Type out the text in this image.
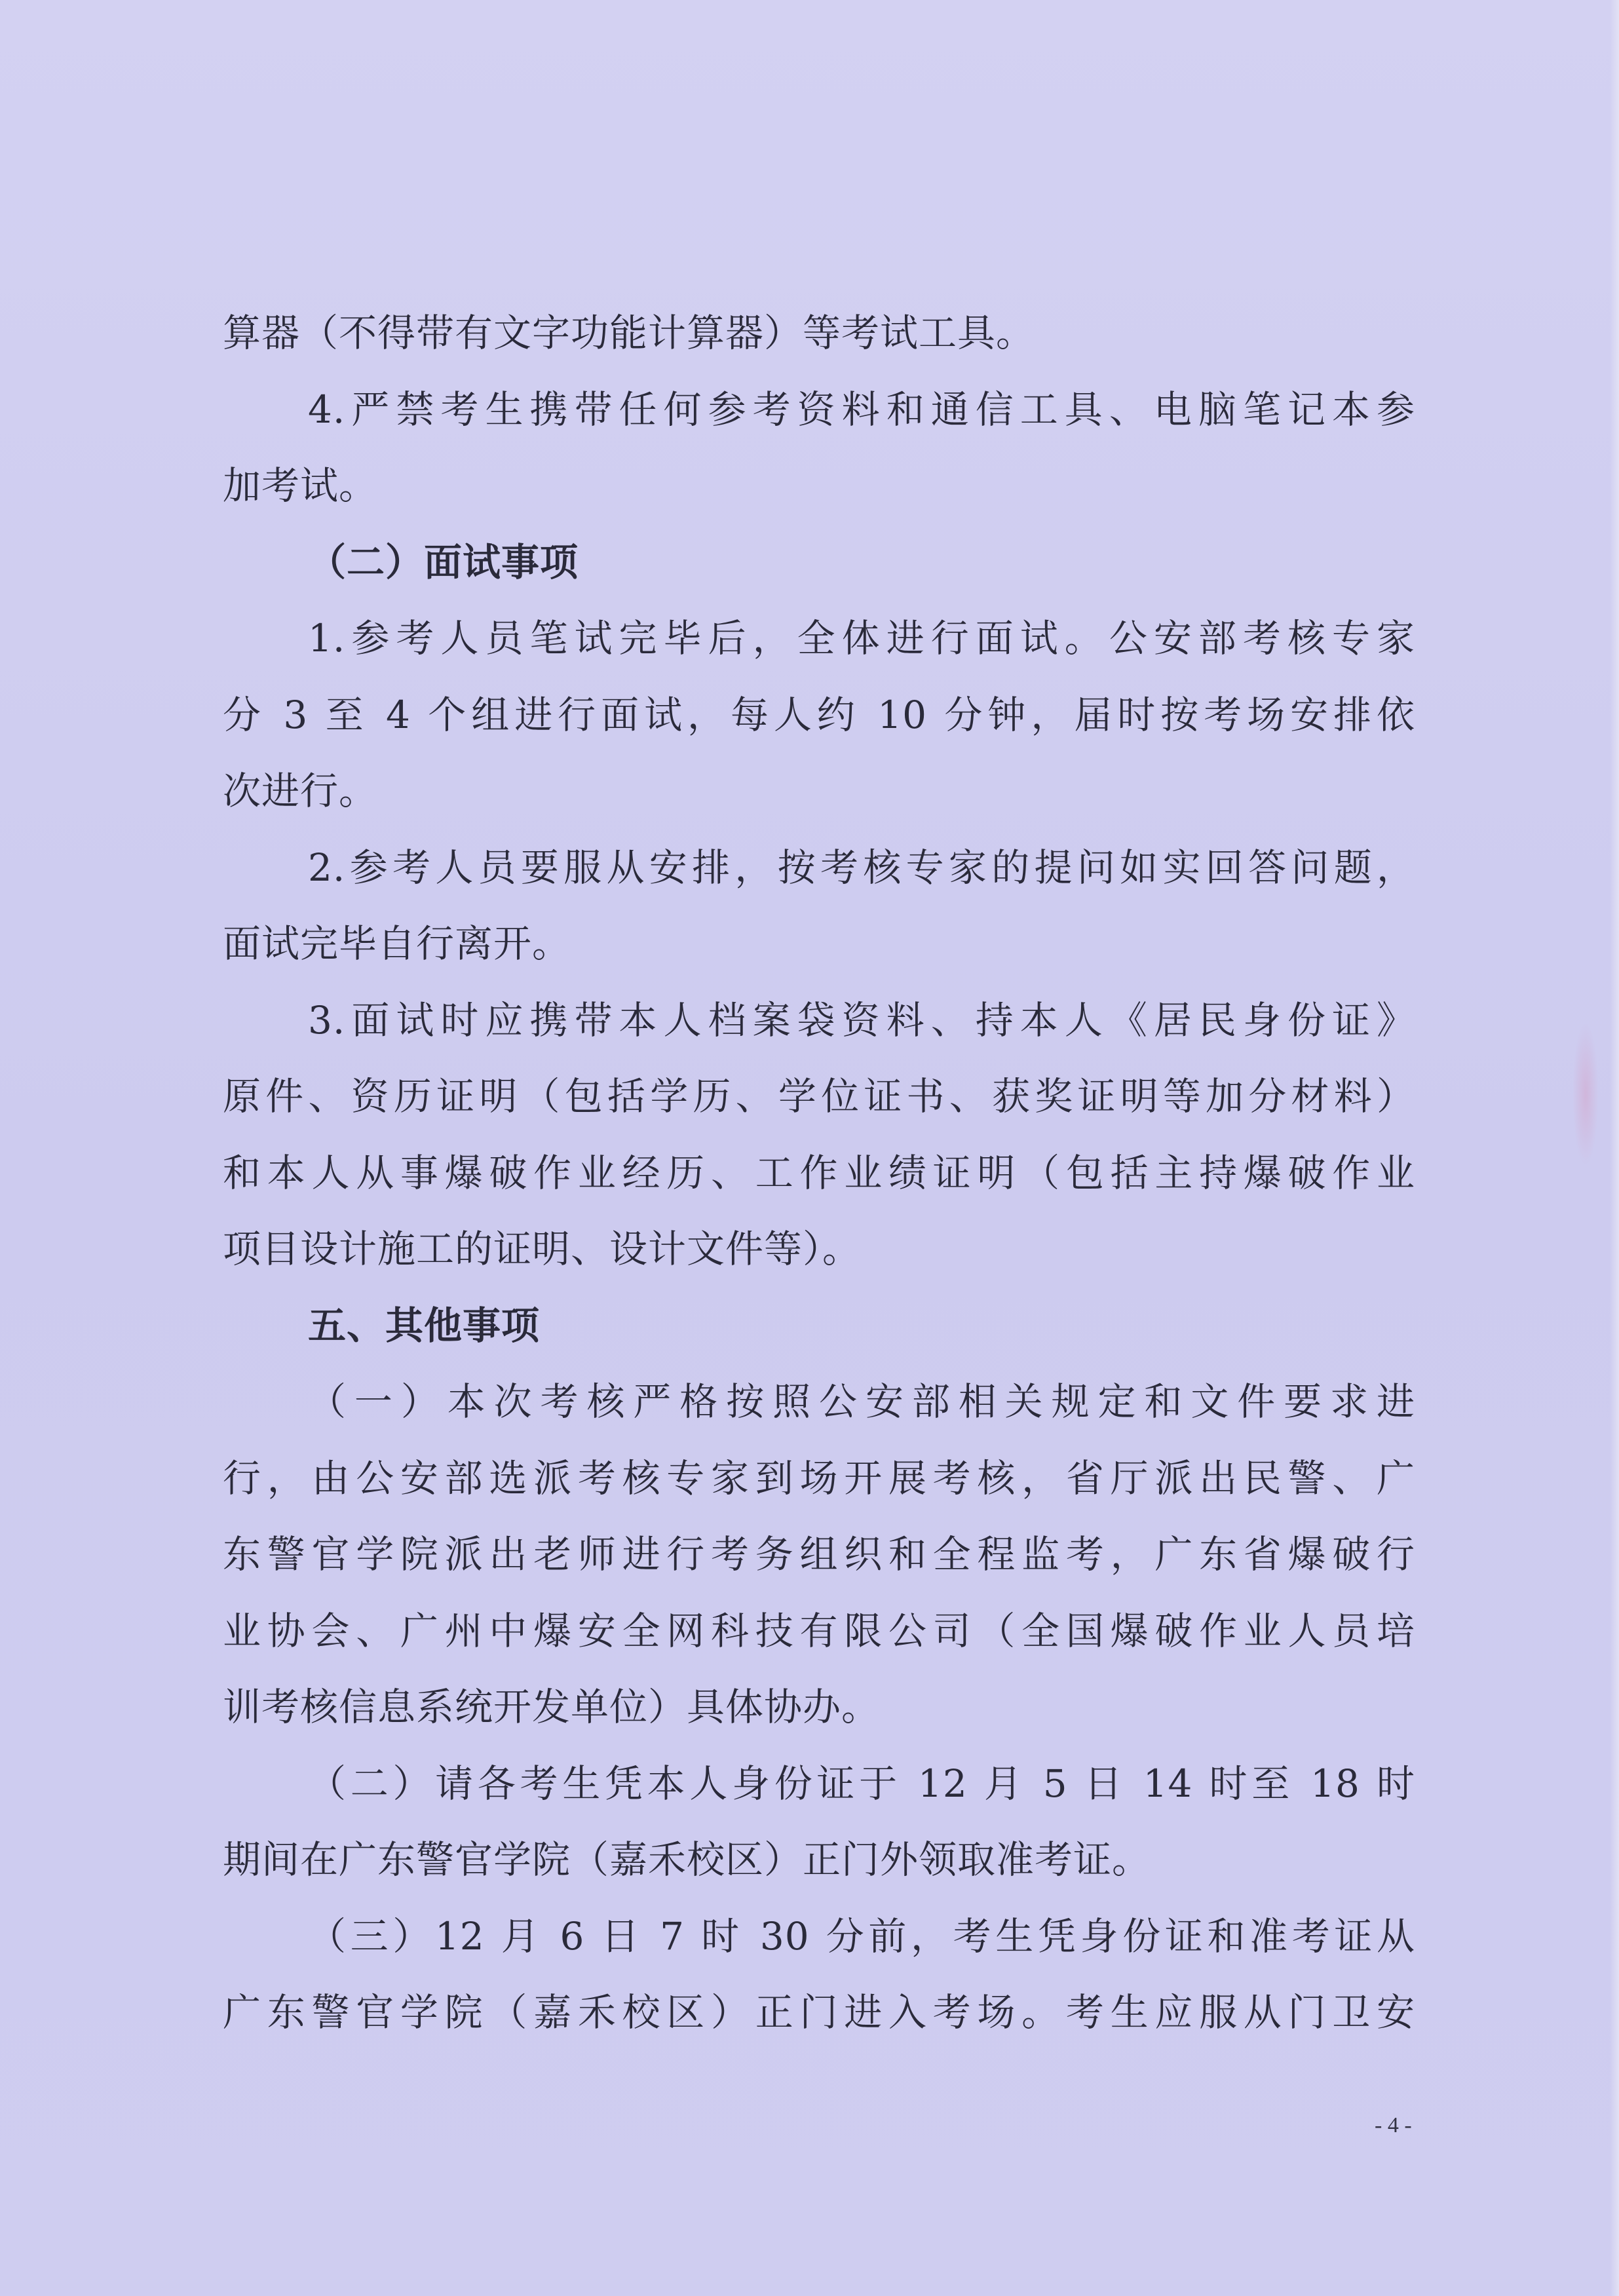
算器（不得带有文字功能计算器）等考试工具。
4.严禁考生携带任何参考资料和通信工具、电脑笔记本参
加考试。
（二）面试事项
1.参考人员笔试完毕后，全体进行面试。公安部考核专家
分 3 至 4 个组进行面试，每人约 10 分钟，届时按考场安排依
次进行。
2.参考人员要服从安排，按考核专家的提问如实回答问题，
面试完毕自行离开。
3.面试时应携带本人档案袋资料、持本人《居民身份证》
原件、资历证明（包括学历、学位证书、获奖证明等加分材料）
和本人从事爆破作业经历、工作业绩证明（包括主持爆破作业
项目设计施工的证明、设计文件等）。
五、其他事项
（一）本次考核严格按照公安部相关规定和文件要求进
行，由公安部选派考核专家到场开展考核，省厅派出民警、广
东警官学院派出老师进行考务组织和全程监考，广东省爆破行
业协会、广州中爆安全网科技有限公司（全国爆破作业人员培
训考核信息系统开发单位）具体协办。
（二）请各考生凭本人身份证于 12 月 5 日 14 时至 18 时
期间在广东警官学院（嘉禾校区）正门外领取准考证。
（三）12 月 6 日 7 时 30 分前，考生凭身份证和准考证从
广东警官学院（嘉禾校区）正门进入考场。考生应服从门卫安
- 4 -
